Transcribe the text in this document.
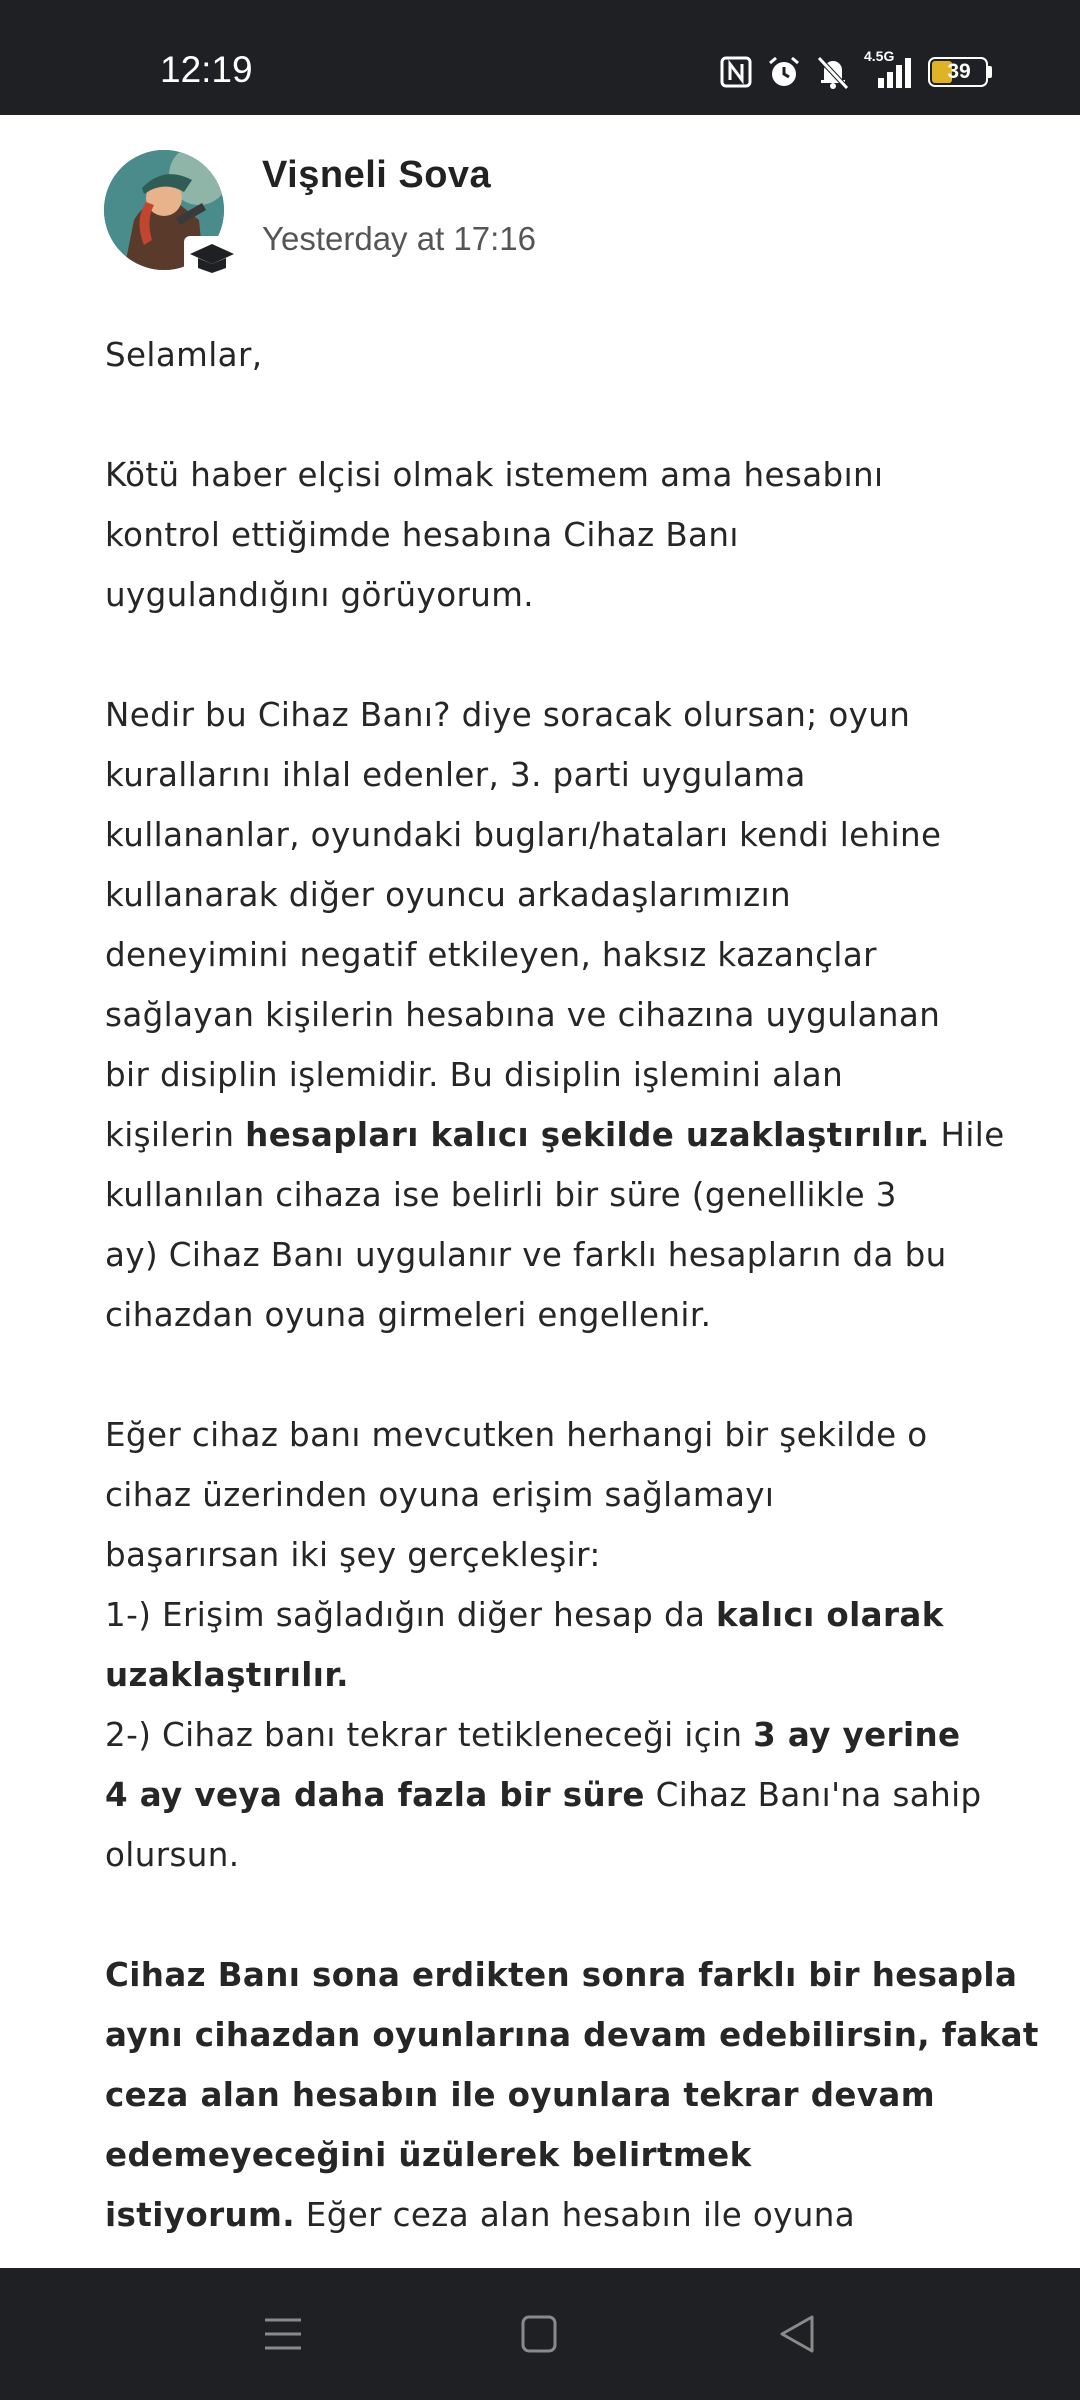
12:19	4.5G
39
Vişneli Sova
Yesterday at 17:16

Selamlar,

Kötü haber elçisi olmak istemem ama hesabını
kontrol ettiğimde hesabına Cihaz Banı
uygulandığını görüyorum.

Nedir bu Cihaz Banı? diye soracak olursan; oyun
kurallarını ihlal edenler, 3. parti uygulama
kullananlar, oyundaki bugları/hataları kendi lehine
kullanarak diğer oyuncu arkadaşlarımızın
deneyimini negatif etkileyen, haksız kazançlar
sağlayan kişilerin hesabına ve cihazına uygulanan
bir disiplin işlemidir. Bu disiplin işlemini alan
kişilerin hesapları kalıcı şekilde uzaklaştırılır. Hile
kullanılan cihaza ise belirli bir süre (genellikle 3
ay) Cihaz Banı uygulanır ve farklı hesapların da bu
cihazdan oyuna girmeleri engellenir.

Eğer cihaz banı mevcutken herhangi bir şekilde o
cihaz üzerinden oyuna erişim sağlamayı
başarırsan iki şey gerçekleşir:
1-) Erişim sağladığın diğer hesap da kalıcı olarak
uzaklaştırılır.
2-) Cihaz banı tekrar tetikleneceği için 3 ay yerine
4 ay veya daha fazla bir süre Cihaz Banı'na sahip
olursun.

Cihaz Banı sona erdikten sonra farklı bir hesapla
aynı cihazdan oyunlarına devam edebilirsin, fakat
ceza alan hesabın ile oyunlara tekrar devam
edemeyeceğini üzülerek belirtmek
istiyorum. Eğer ceza alan hesabın ile oyuna
